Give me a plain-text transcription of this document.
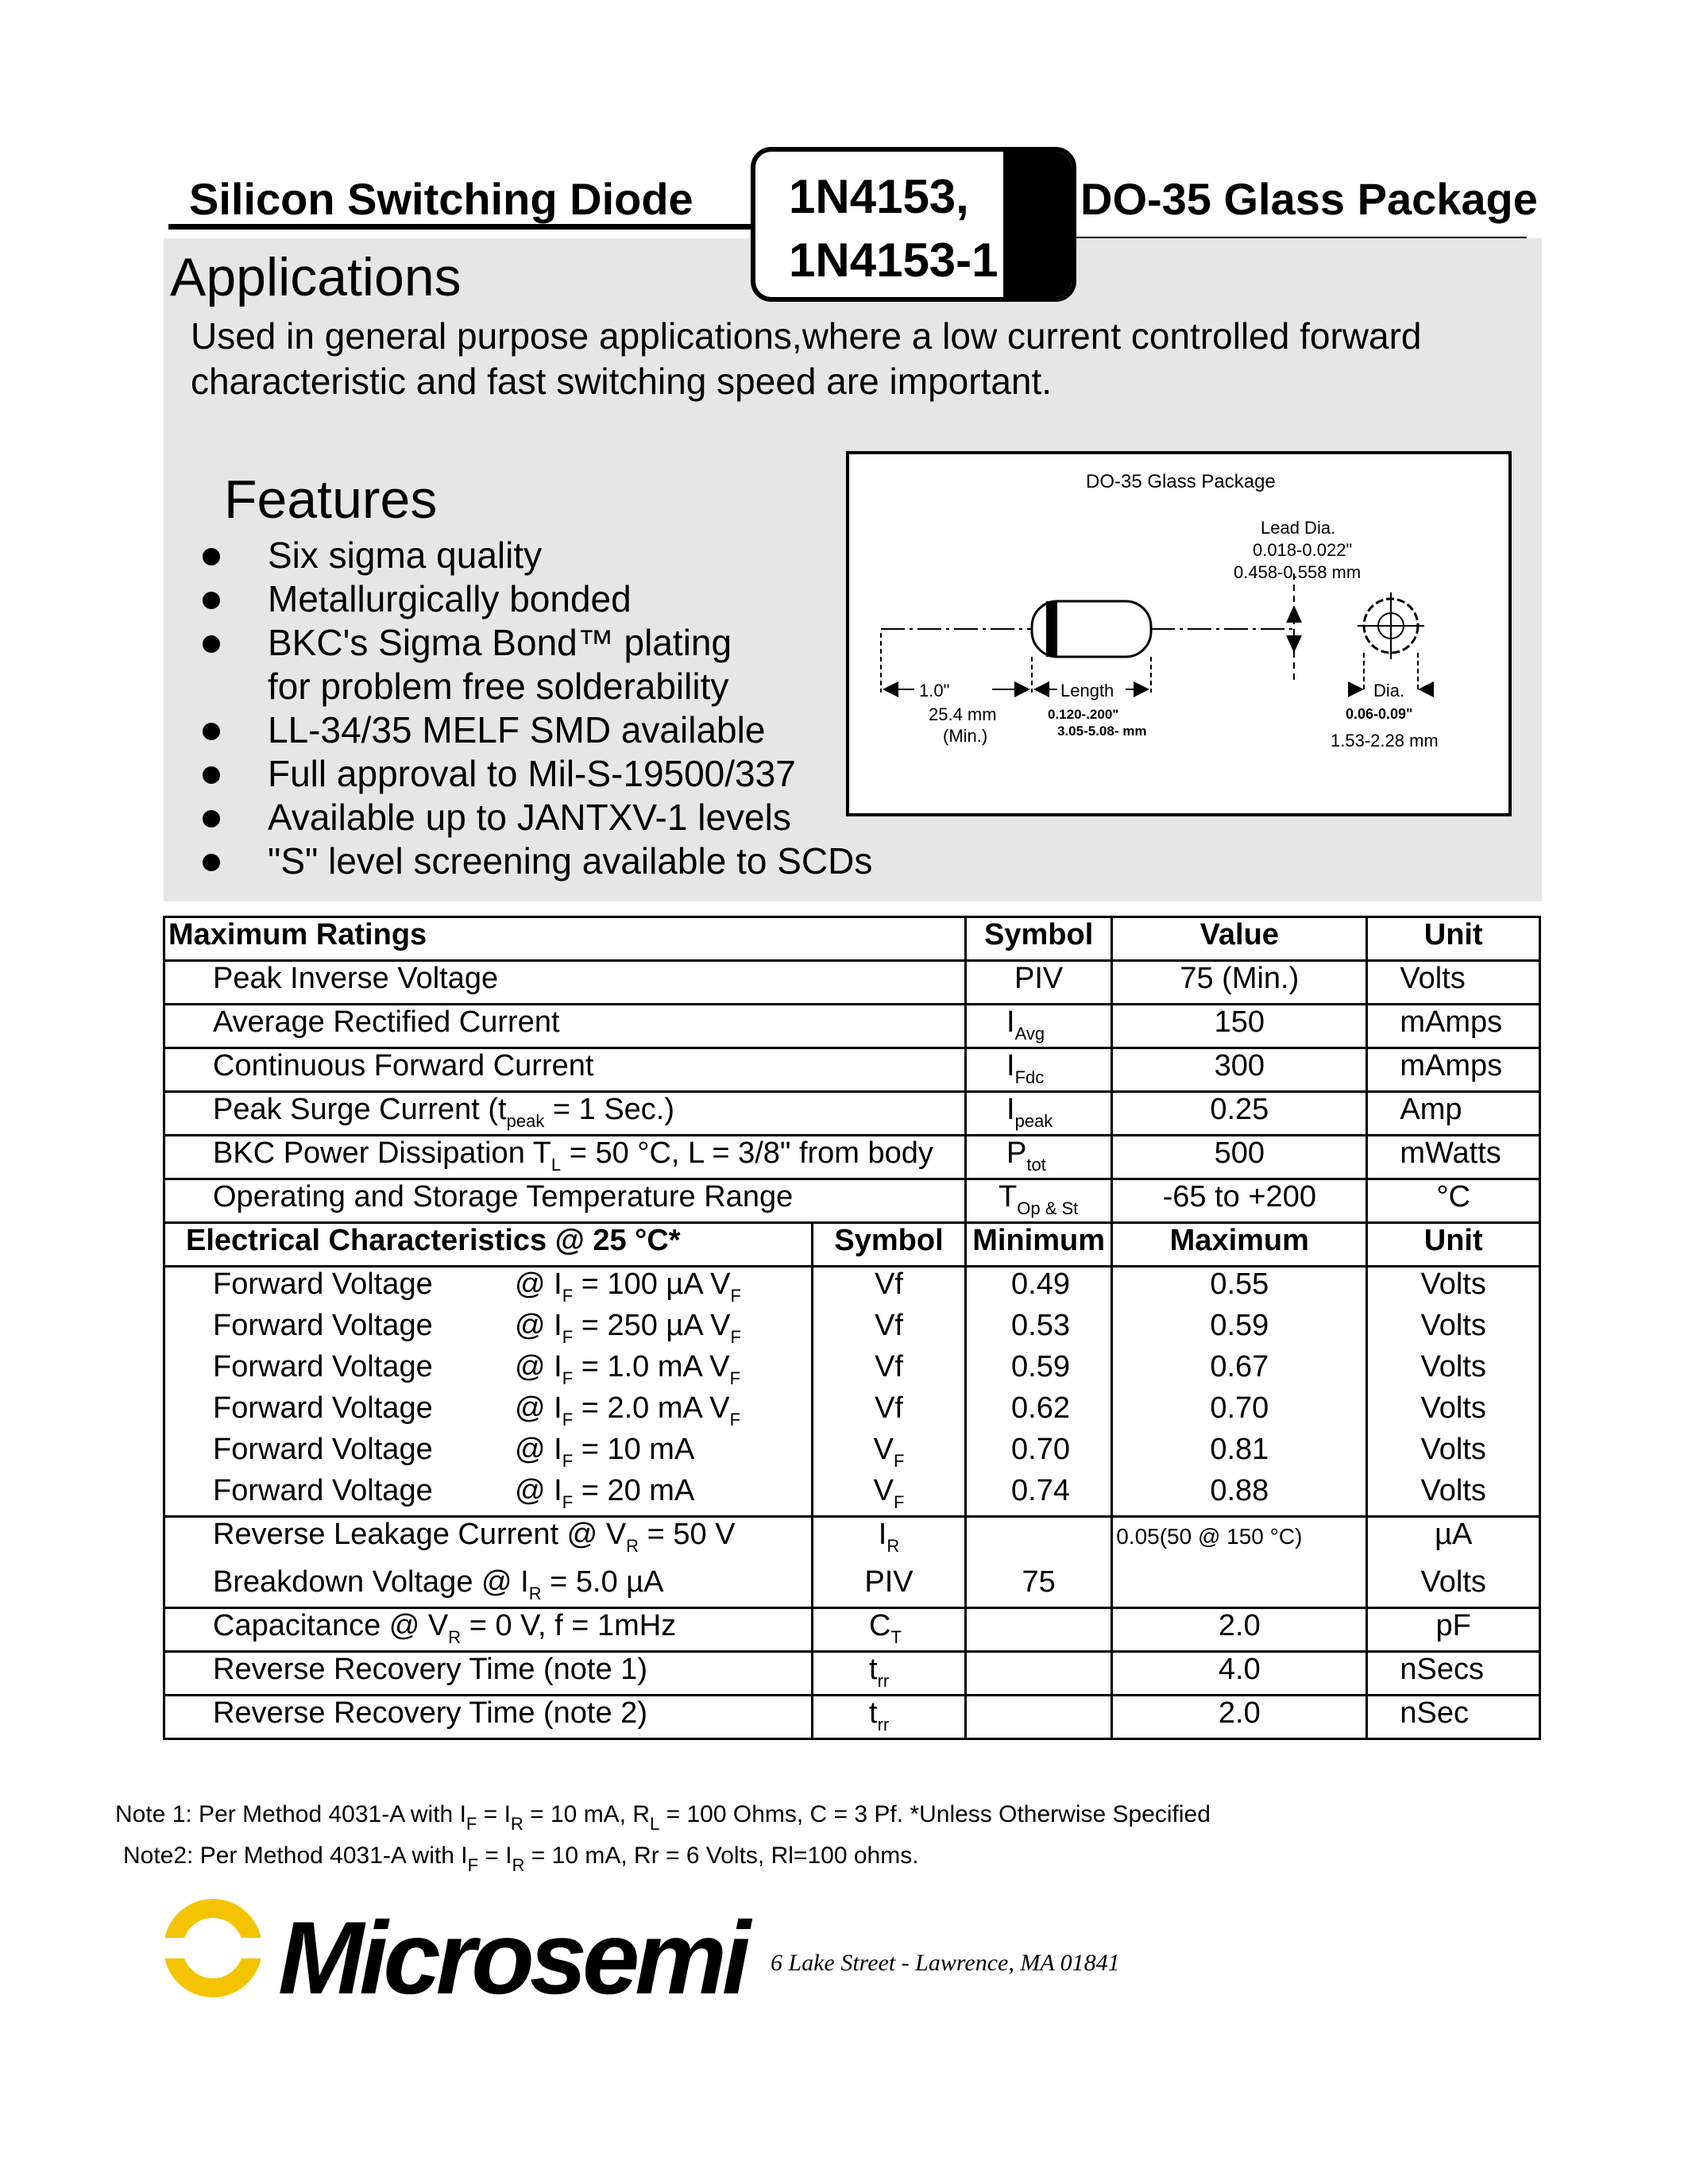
Silicon Switching Diode	DO-35 Glass Package
1N4153,
1N4153-1
Applications
Used in general purpose applications,where a low current controlled forward characteristic and fast switching speed are important.
Features
Six sigma quality
Metallurgically bonded
BKC's Sigma Bond™ plating
for problem free solderability
LL-34/35 MELF SMD available
Full approval to Mil-S-19500/337
Available up to JANTXV-1 levels
"S" level screening available to SCDs
DO-35 Glass Package
Lead Dia.
0.018-0.022"
0.458-0.558 mm
Dia.
0.06-0.09"
1.53-2.28 mm
1.0"
25.4 mm
(Min.)
Length
0.120-.200"
3.05-5.08- mm
Maximum Ratings		Symbol	Value	Unit
Peak Inverse Voltage		PIV	75 (Min.)	Volts
Average Rectified Current		$I_{Avg}$	150	mAmps
Continuous Forward Current		$I_{Fdc}$	300	mAmps
Peak Surge Current ($t_{peak} = 1$ Sec.)		$I_{peak}$	0.25	Amp
BKC Power Dissipation $T_L = 50$ °C, L = 3/8" from body		$P_{tot}$	500	mWatts
Operating and Storage Temperature Range		$T_{Op \& St}$	-65 to +200	°C
Electrical Characteristics @ 25 °C*	Symbol	Minimum	Maximum	Unit
Forward Voltage @ $I_F = 100$ µA $V_F$	Vf	0.49	0.55	Volts
Forward Voltage @ $I_F = 250$ µA $V_F$	Vf	0.53	0.59	Volts
Forward Voltage @ $I_F = 1.0$ mA $V_F$	Vf	0.59	0.67	Volts
Forward Voltage @ $I_F = 2.0$ mA $V_F$	Vf	0.62	0.70	Volts
Forward Voltage @ $I_F = 10$ mA	$V_F$	0.70	0.81	Volts
Forward Voltage @ $I_F = 20$ mA	$V_F$	0.74	0.88	Volts
Reverse Leakage Current @ $V_R = 50$ V	$I_R$		0.05(50 @ 150 °C)	µA
Breakdown Voltage @ $I_R = 5.0$ µA	PIV	75		Volts
Capacitance @ $V_R = 0$ V, f = 1mHz	$C_T$		2.0	pF
Reverse Recovery Time (note 1)	$t_{rr}$		4.0	nSecs
Reverse Recovery Time (note 2)	$t_{rr}$		2.0	nSec
Note 1: Per Method 4031-A with $I_F = I_R = 10$ mA, $R_L = 100$ Ohms, C = 3 Pf. *Unless Otherwise Specified
Note2: Per Method 4031-A with $I_F = I_R = 10$ mA, Rr = 6 Volts, Rl=100 ohms.
Microsemi 6 Lake Street - Lawrence, MA 01841
